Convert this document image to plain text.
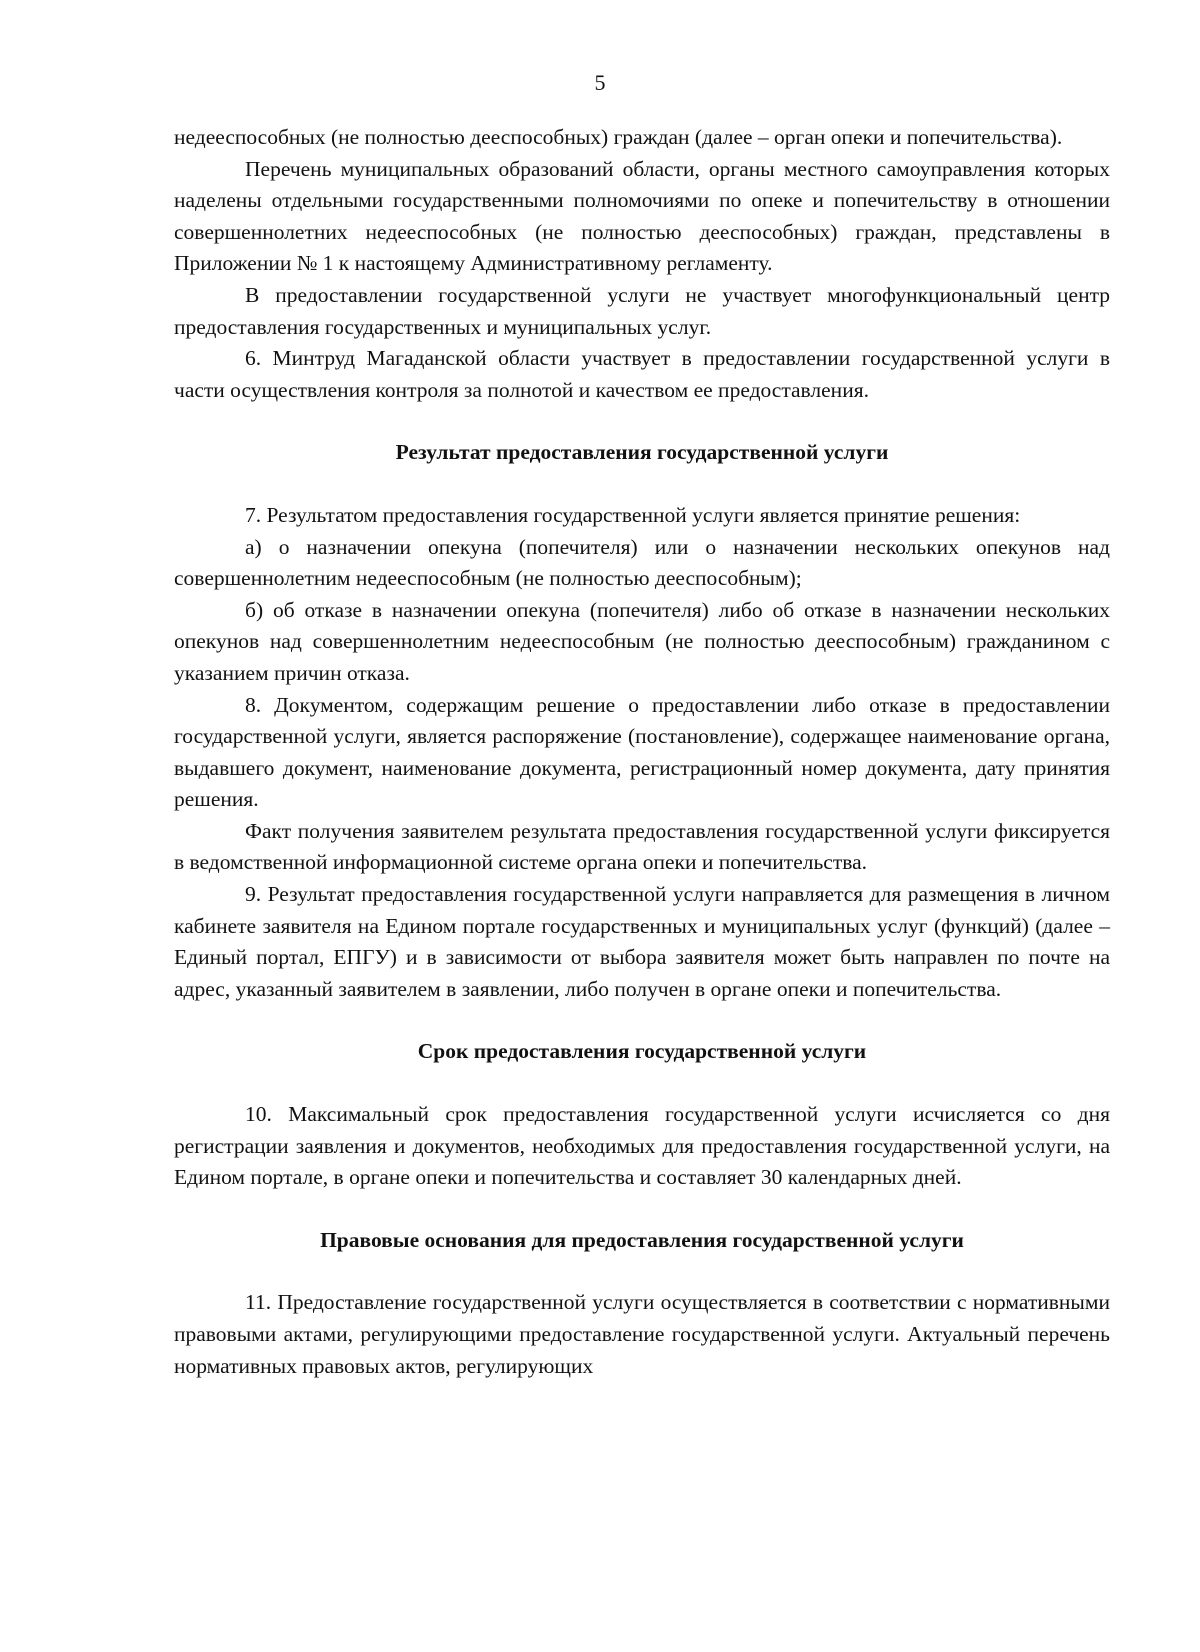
5

недееспособных (не полностью дееспособных) граждан (далее – орган опеки и попечительства).

Перечень муниципальных образований области, органы местного самоуправления которых наделены отдельными государственными полномочиями по опеке и попечительству в отношении совершеннолетних недееспособных (не полностью дееспособных) граждан, представлены в Приложении № 1 к настоящему Административному регламенту.

В предоставлении государственной услуги не участвует многофункциональный центр предоставления государственных и муниципальных услуг.

6. Минтруд Магаданской области участвует в предоставлении государственной услуги в части осуществления контроля за полнотой и качеством ее предоставления.

Результат предоставления государственной услуги

7. Результатом предоставления государственной услуги является принятие решения:

а) о назначении опекуна (попечителя) или о назначении нескольких опекунов над совершеннолетним недееспособным (не полностью дееспособным);

б) об отказе в назначении опекуна (попечителя) либо об отказе в назначении нескольких опекунов над совершеннолетним недееспособным (не полностью дееспособным) гражданином с указанием причин отказа.

8. Документом, содержащим решение о предоставлении либо отказе в предоставлении государственной услуги, является распоряжение (постановление), содержащее наименование органа, выдавшего документ, наименование документа, регистрационный номер документа, дату принятия решения.

Факт получения заявителем результата предоставления государственной услуги фиксируется в ведомственной информационной системе органа опеки и попечительства.

9. Результат предоставления государственной услуги направляется для размещения в личном кабинете заявителя на Едином портале государственных и муниципальных услуг (функций) (далее – Единый портал, ЕПГУ) и в зависимости от выбора заявителя может быть направлен по почте на адрес, указанный заявителем в заявлении, либо получен в органе опеки и попечительства.

Срок предоставления государственной услуги

10. Максимальный срок предоставления государственной услуги исчисляется со дня регистрации заявления и документов, необходимых для предоставления государственной услуги, на Едином портале, в органе опеки и попечительства и составляет 30 календарных дней.

Правовые основания для предоставления государственной услуги

11. Предоставление государственной услуги осуществляется в соответствии с нормативными правовыми актами, регулирующими предоставление государственной услуги. Актуальный перечень нормативных правовых актов, регулирующих
